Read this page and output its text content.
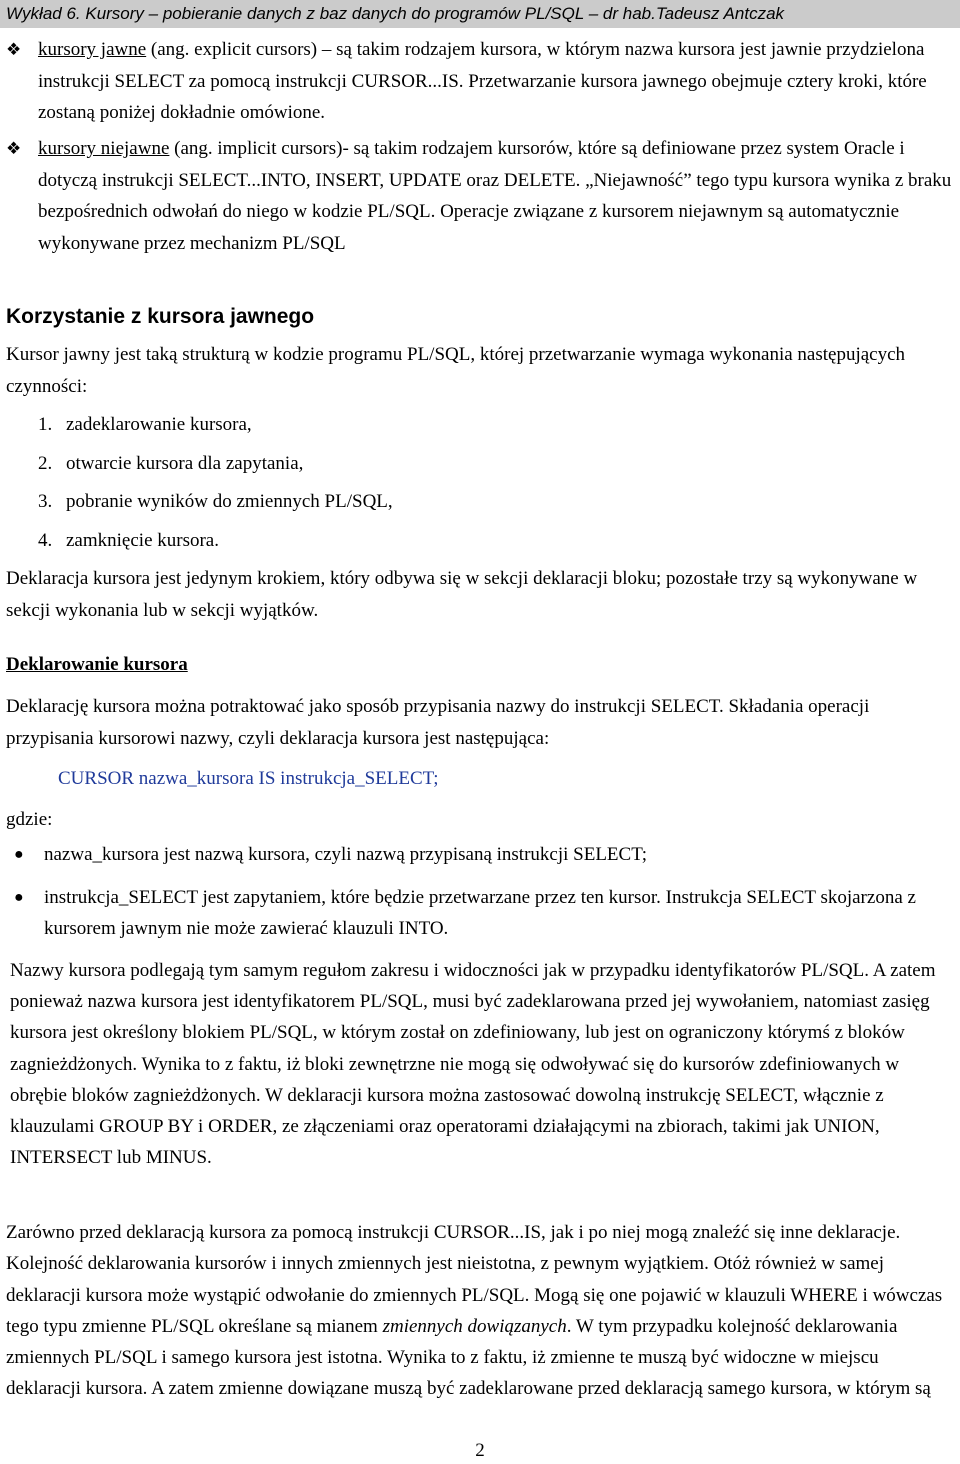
Wykład 6. Kursory – pobieranie danych z baz danych do programów PL/SQL – dr hab.Tadeusz Antczak
❖ kursory jawne (ang. explicit cursors) – są takim rodzajem kursora, w którym nazwa kursora jest jawnie przydzielona instrukcji SELECT za pomocą instrukcji CURSOR...IS. Przetwarzanie kursora jawnego obejmuje cztery kroki, które zostaną poniżej dokładnie omówione.
❖ kursory niejawne (ang. implicit cursors)- są takim rodzajem kursorów, które są definiowane przez system Oracle i dotyczą instrukcji SELECT...INTO, INSERT, UPDATE oraz DELETE. „Niejawność” tego typu kursora wynika z braku bezpośrednich odwołań do niego w kodzie PL/SQL. Operacje związane z kursorem niejawnym są automatycznie wykonywane przez mechanizm PL/SQL
Korzystanie z kursora jawnego
Kursor jawny jest taką strukturą w kodzie programu PL/SQL, której przetwarzanie wymaga wykonania następujących czynności:
1. zadeklarowanie kursora,
2. otwarcie kursora dla zapytania,
3. pobranie wyników do zmiennych PL/SQL,
4. zamknięcie kursora.
Deklaracja kursora jest jedynym krokiem, który odbywa się w sekcji deklaracji bloku; pozostałe trzy są wykonywane w sekcji wykonania lub w sekcji wyjątków.
Deklarowanie kursora
Deklarację kursora można potraktować jako sposób przypisania nazwy do instrukcji SELECT. Składania operacji przypisania kursorowi nazwy, czyli deklaracja kursora jest następująca:
CURSOR nazwa_kursora IS instrukcja_SELECT;
gdzie:
● nazwa_kursora jest nazwą kursora, czyli nazwą przypisaną instrukcji SELECT;
● instrukcja_SELECT jest zapytaniem, które będzie przetwarzane przez ten kursor. Instrukcja SELECT skojarzona z kursorem jawnym nie może zawierać klauzuli INTO.
Nazwy kursora podlegają tym samym regułom zakresu i widoczności jak w przypadku identyfikatorów PL/SQL. A zatem ponieważ nazwa kursora jest identyfikatorem PL/SQL, musi być zadeklarowana przed jej wywołaniem, natomiast zasięg kursora jest określony blokiem PL/SQL, w którym został on zdefiniowany, lub jest on ograniczony którymś z bloków zagnieżdżonych. Wynika to z faktu, iż bloki zewnętrzne nie mogą się odwoływać się do kursorów zdefiniowanych w obrębie bloków zagnieżdżonych. W deklaracji kursora można zastosować dowolną instrukcję SELECT, włącznie z klauzulami GROUP BY i ORDER, ze złączeniami oraz operatorami działającymi na zbiorach, takimi jak UNION, INTERSECT lub MINUS.
Zarówno przed deklaracją kursora za pomocą instrukcji CURSOR...IS, jak i po niej mogą znaleźć się inne deklaracje. Kolejność deklarowania kursorów i innych zmiennych jest nieistotna, z pewnym wyjątkiem. Otóż również w samej deklaracji kursora może wystąpić odwołanie do zmiennych PL/SQL. Mogą się one pojawić w klauzuli WHERE i wówczas tego typu zmienne PL/SQL określane są mianem zmiennych dowiązanych. W tym przypadku kolejność deklarowania zmiennych PL/SQL i samego kursora jest istotna. Wynika to z faktu, iż zmienne te muszą być widoczne w miejscu deklaracji kursora. A zatem zmienne dowiązane muszą być zadeklarowane przed deklaracją samego kursora, w którym są
2
